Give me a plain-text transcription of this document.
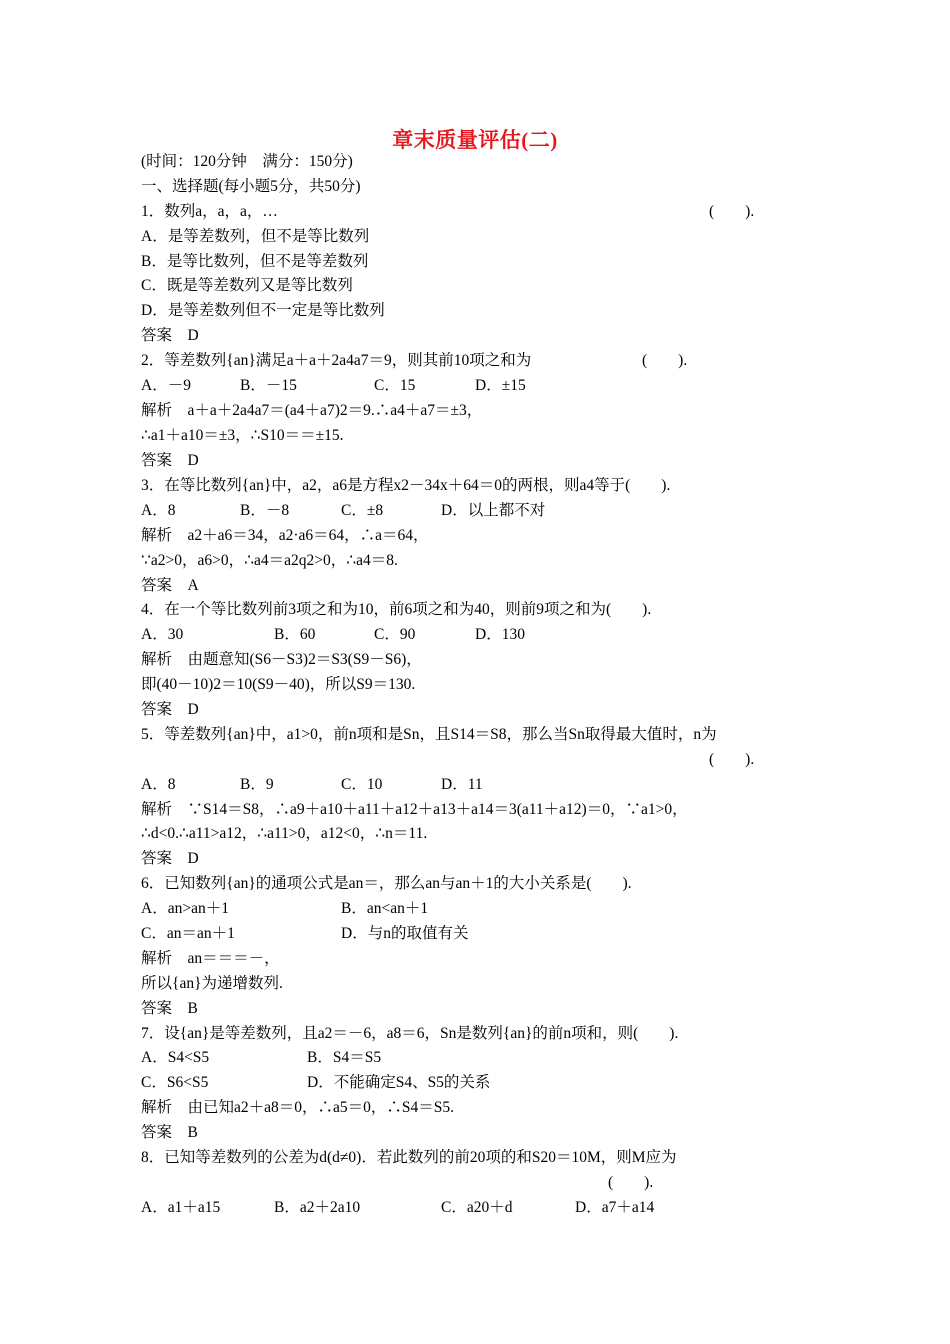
章末质量评估(二)
(时间：120分钟　满分：150分)
一、选择题(每小题5分，共50分)
1．数列a，a，a，…	(　　).
A．是等差数列，但不是等比数列
B．是等比数列，但不是等差数列
C．既是等差数列又是等比数列
D．是等差数列但不一定是等比数列
答案　D
2．等差数列{an}满足a＋a＋2a4a7＝9，则其前10项之和为	(　　).
A．－9	B．－15	C．15	D．±15
解析　a＋a＋2a4a7＝(a4＋a7)2＝9.∴a4＋a7＝±3，
∴a1＋a10＝±3，∴S10＝＝±15.
答案　D
3．在等比数列{an}中，a2，a6是方程x2－34x＋64＝0的两根，则a4等于(　　).
A．8	B．－8	C．±8	D．以上都不对
解析　a2＋a6＝34，a2·a6＝64，∴a＝64，
∵a2>0，a6>0，∴a4＝a2q2>0，∴a4＝8.
答案　A
4．在一个等比数列前3项之和为10，前6项之和为40，则前9项之和为(　　).
A．30	B．60	C．90	D．130
解析　由题意知(S6－S3)2＝S3(S9－S6)，
即(40－10)2＝10(S9－40)，所以S9＝130.
答案　D
5．等差数列{an}中，a1>0，前n项和是Sn，且S14＝S8，那么当Sn取得最大值时，n为
(　　).
A．8	B．9	C．10	D．11
解析　∵S14＝S8，∴a9＋a10＋a11＋a12＋a13＋a14＝3(a11＋a12)＝0，∵a1>0，
∴d<0.∴a11>a12，∴a11>0，a12<0，∴n＝11.
答案　D
6．已知数列{an}的通项公式是an＝，那么an与an＋1的大小关系是(　　).
A．an>an＋1	B．an<an＋1
C．an＝an＋1	D．与n的取值有关
解析　an＝＝＝－，
所以{an}为递增数列.
答案　B
7．设{an}是等差数列，且a2＝－6，a8＝6，Sn是数列{an}的前n项和，则(　　).
A．S4<S5	B．S4＝S5
C．S6<S5	D．不能确定S4、S5的关系
解析　由已知a2＋a8＝0，∴a5＝0，∴S4＝S5.
答案　B
8．已知等差数列的公差为d(d≠0)．若此数列的前20项的和S20＝10M，则M应为
(　　).
A．a1＋a15	B．a2＋2a10	C．a20＋d	D．a7＋a14
